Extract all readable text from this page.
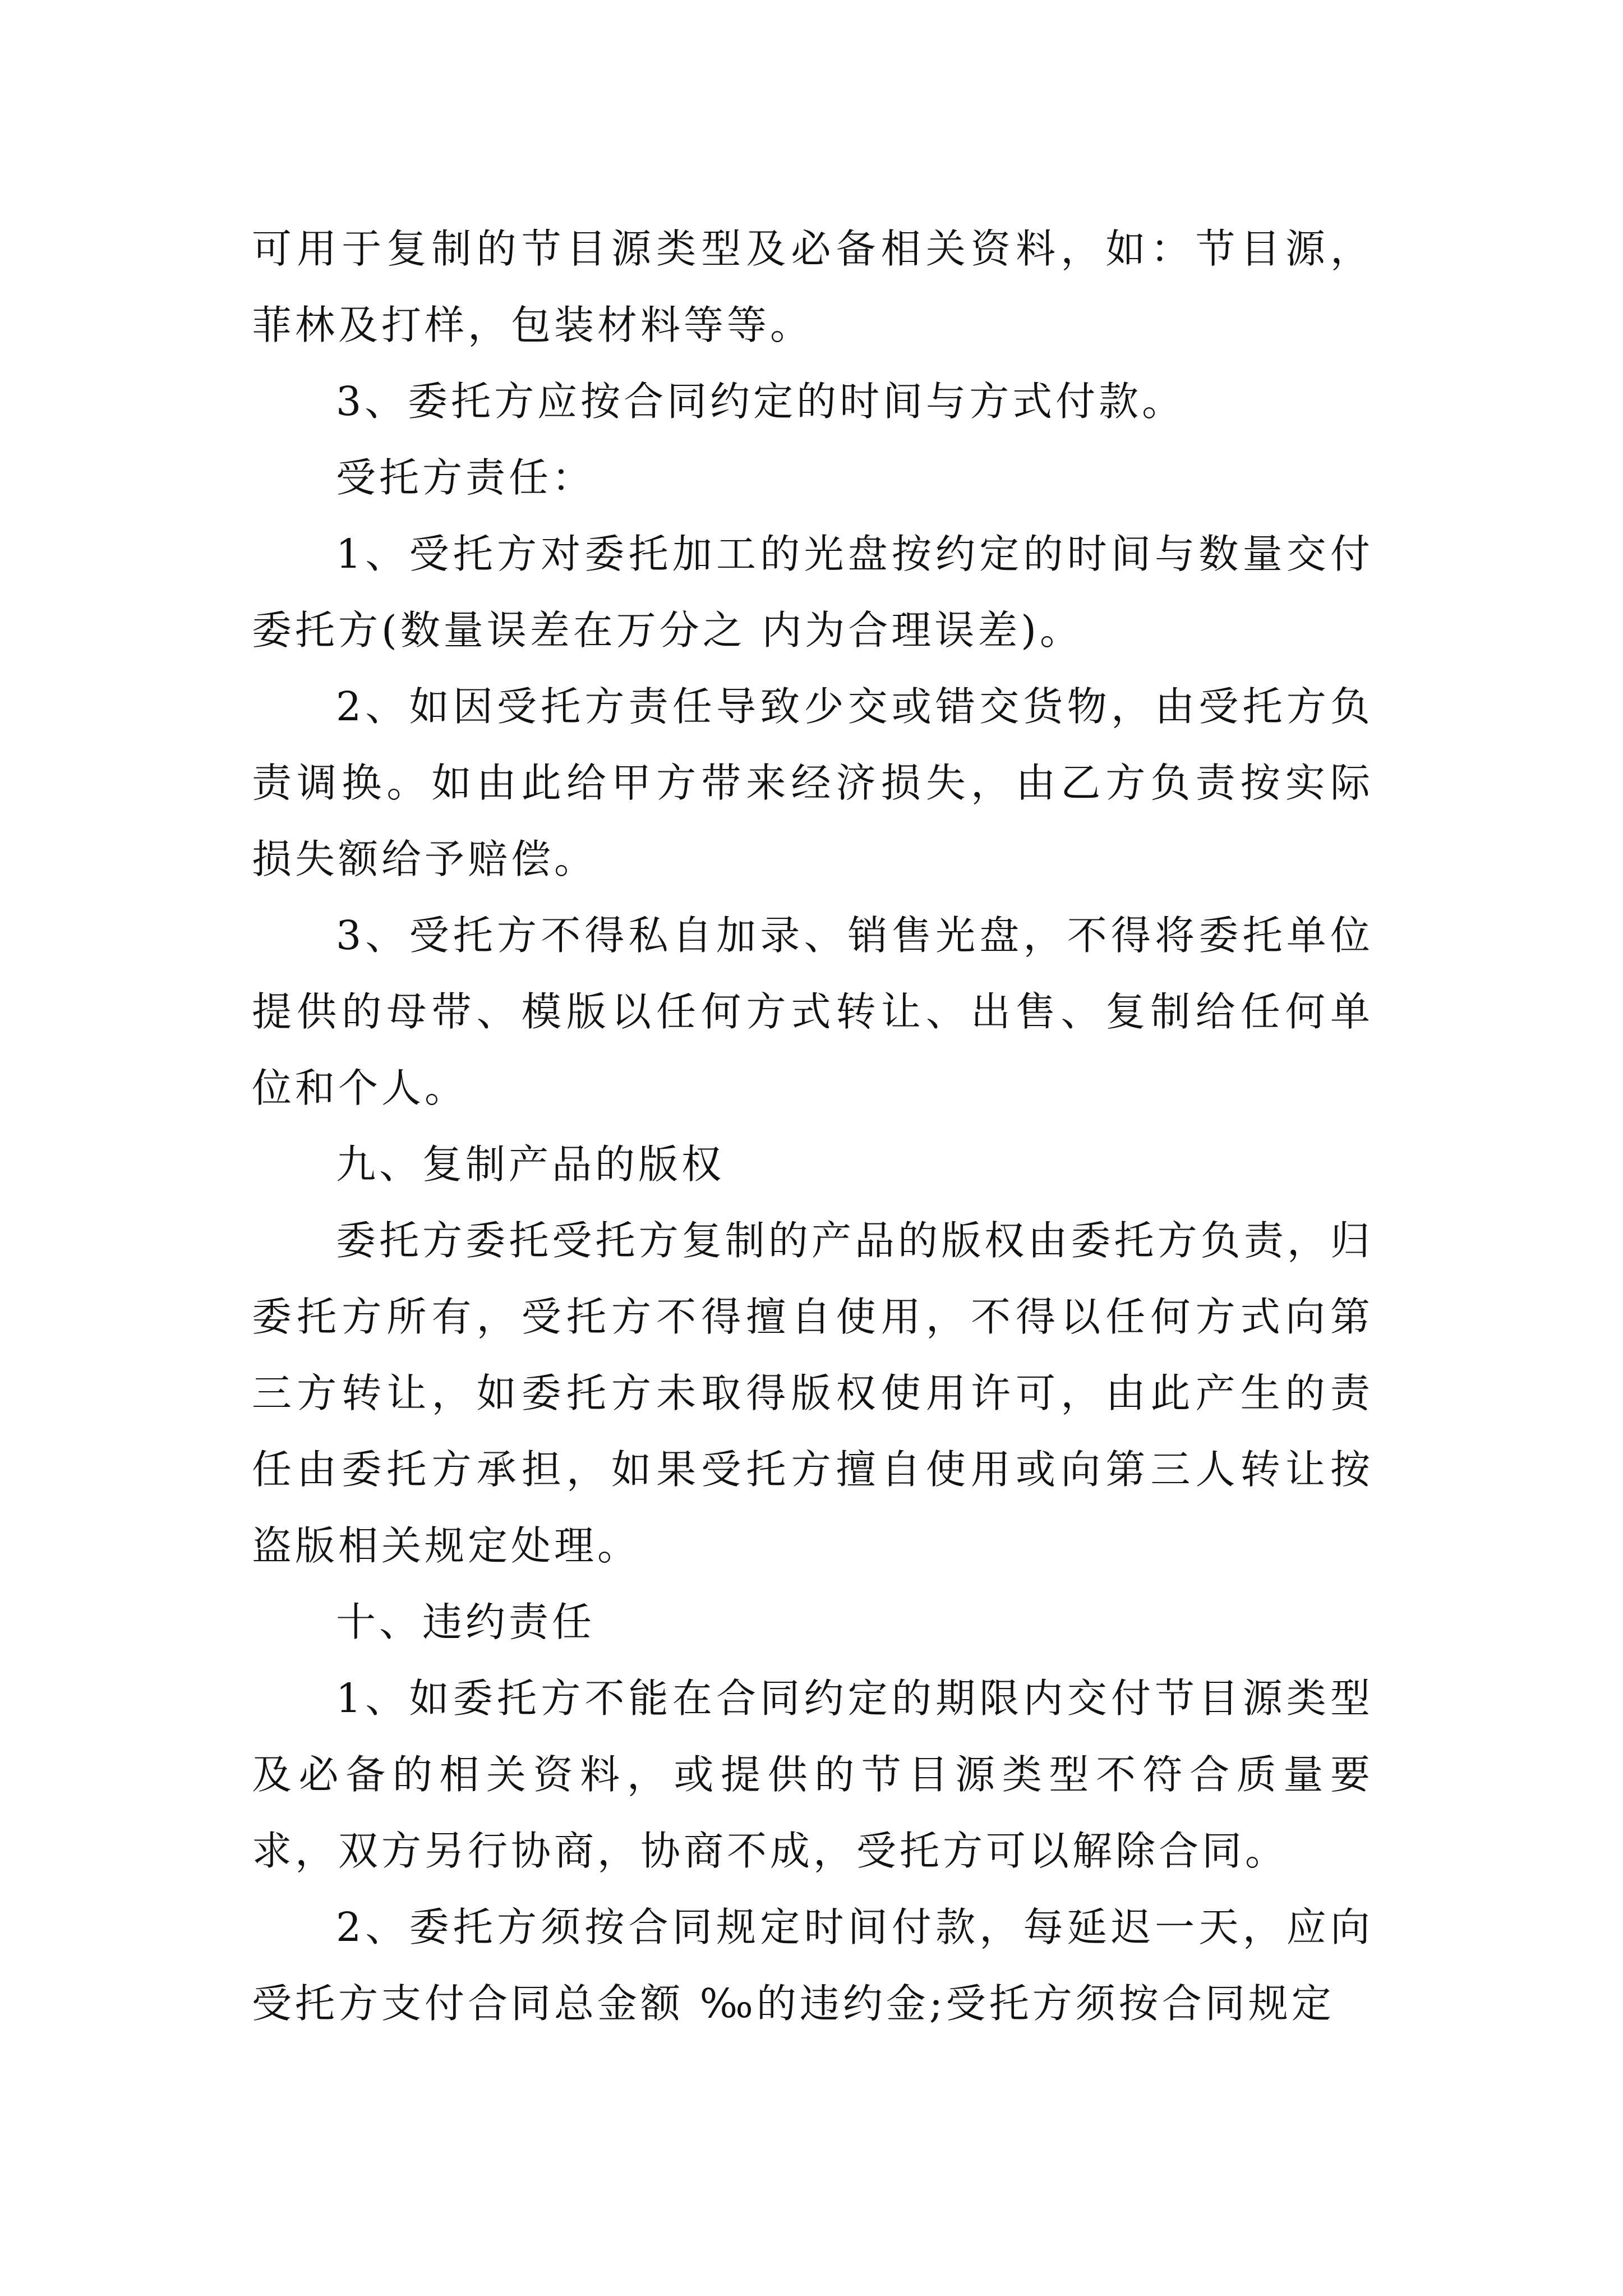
可用于复制的节目源类型及必备相关资料，如：节目源，菲林及打样，包装材料等等。

3、委托方应按合同约定的时间与方式付款。

受托方责任：

1、受托方对委托加工的光盘按约定的时间与数量交付委托方(数量误差在万分之 内为合理误差)。

2、如因受托方责任导致少交或错交货物，由受托方负责调换。如由此给甲方带来经济损失，由乙方负责按实际损失额给予赔偿。

3、受托方不得私自加录、销售光盘，不得将委托单位提供的母带、模版以任何方式转让、出售、复制给任何单位和个人。

九、复制产品的版权

委托方委托受托方复制的产品的版权由委托方负责，归委托方所有，受托方不得擅自使用，不得以任何方式向第三方转让，如委托方未取得版权使用许可，由此产生的责任由委托方承担，如果受托方擅自使用或向第三人转让按盗版相关规定处理。

十、违约责任

1、如委托方不能在合同约定的期限内交付节目源类型及必备的相关资料，或提供的节目源类型不符合质量要求，双方另行协商，协商不成，受托方可以解除合同。

2、委托方须按合同规定时间付款，每延迟一天，应向受托方支付合同总金额 ‰的违约金;受托方须按合同规定
